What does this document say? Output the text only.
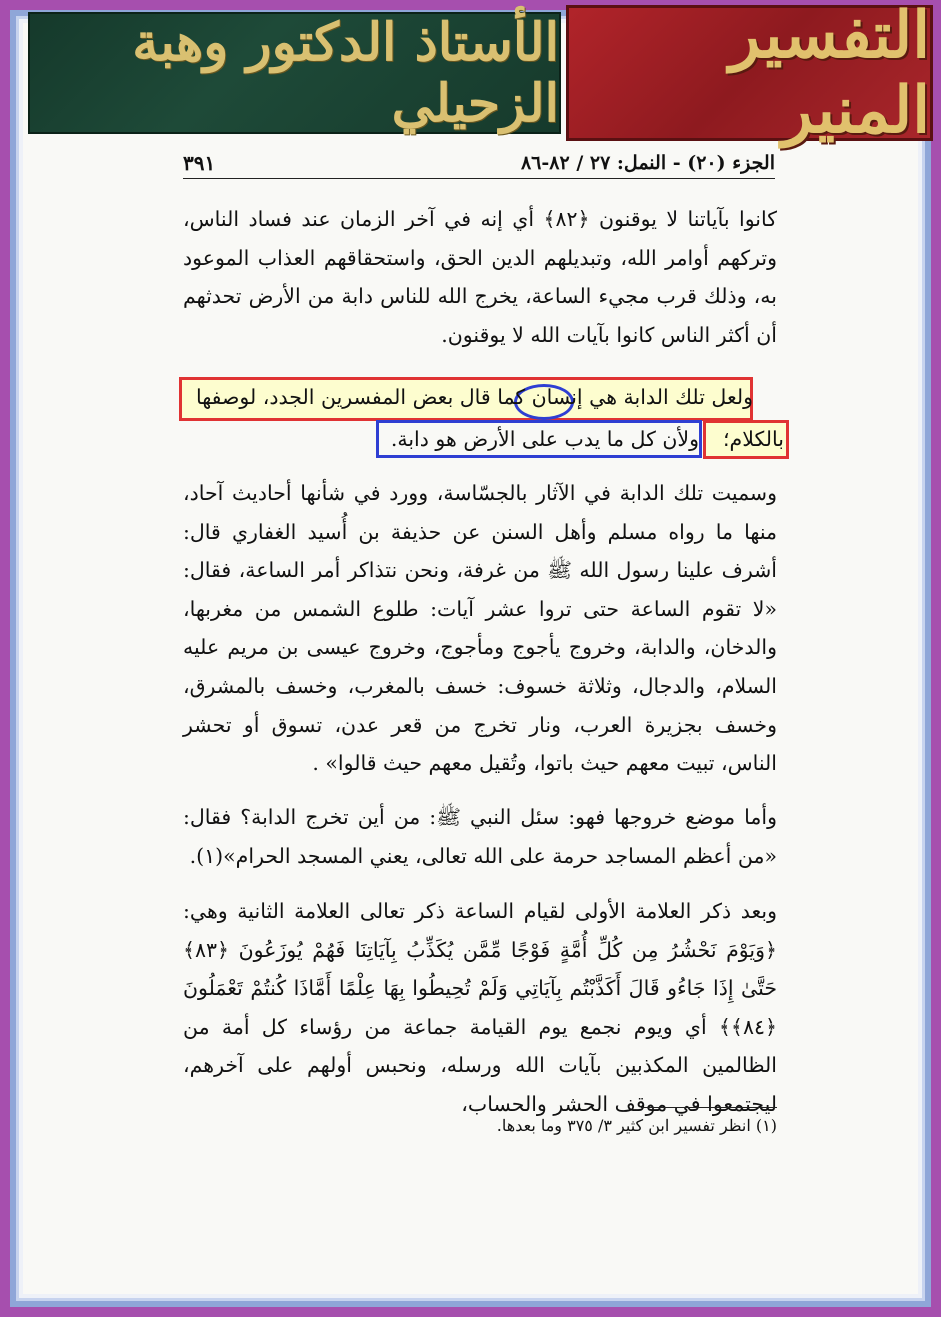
الأستاذ الدكتور وهبة الزحيلي
التفسير المنير
الجزء (٢٠) - النمل: ٢٧ / ٨٢-٨٦
٣٩١
كانوا بآياتنا لا يوقنون ﴿٨٢﴾ أي إنه في آخر الزمان عند فساد الناس، وتركهم أوامر الله، وتبديلهم الدين الحق، واستحقاقهم العذاب الموعود به، وذلك قرب مجيء الساعة، يخرج الله للناس دابة من الأرض تحدثهم أن أكثر الناس كانوا بآيات الله لا يوقنون.
ولعل تلك الدابة هي إنسان كما قال بعض المفسرين الجدد، لوصفها
بالكلام؛
ولأن كل ما يدب على الأرض هو دابة.
وسميت تلك الدابة في الآثار بالجسّاسة، وورد في شأنها أحاديث آحاد، منها ما رواه مسلم وأهل السنن عن حذيفة بن أُسيد الغفاري قال: أشرف علينا رسول الله ﷺ من غرفة، ونحن نتذاكر أمر الساعة، فقال: «لا تقوم الساعة حتى تروا عشر آيات: طلوع الشمس من مغربها، والدخان، والدابة، وخروج يأجوج ومأجوج، وخروج عيسى بن مريم عليه السلام، والدجال، وثلاثة خسوف: خسف بالمغرب، وخسف بالمشرق، وخسف بجزيرة العرب، ونار تخرج من قعر عدن، تسوق أو تحشر الناس، تبيت معهم حيث باتوا، وتُقيل معهم حيث قالوا» .
وأما موضع خروجها فهو: سئل النبي ﷺ: من أين تخرج الدابة؟ فقال: «من أعظم المساجد حرمة على الله تعالى، يعني المسجد الحرام»(١).
وبعد ذكر العلامة الأولى لقيام الساعة ذكر تعالى العلامة الثانية وهي: ﴿وَيَوْمَ نَحْشُرُ مِن كُلِّ أُمَّةٍ فَوْجًا مِّمَّن يُكَذِّبُ بِآيَاتِنَا فَهُمْ يُوزَعُونَ ﴿٨٣﴾ حَتَّىٰ إِذَا جَاءُو قَالَ أَكَذَّبْتُم بِآيَاتِي وَلَمْ تُحِيطُوا بِهَا عِلْمًا أَمَّاذَا كُنتُمْ تَعْمَلُونَ ﴿٨٤﴾﴾ أي ويوم نجمع يوم القيامة جماعة من رؤساء كل أمة من الظالمين المكذبين بآيات الله ورسله، ونحبس أولهم على آخرهم، ليجتمعوا في موقف الحشر والحساب،
(١) انظر تفسير ابن كثير ٣/ ٣٧٥ وما بعدها.
